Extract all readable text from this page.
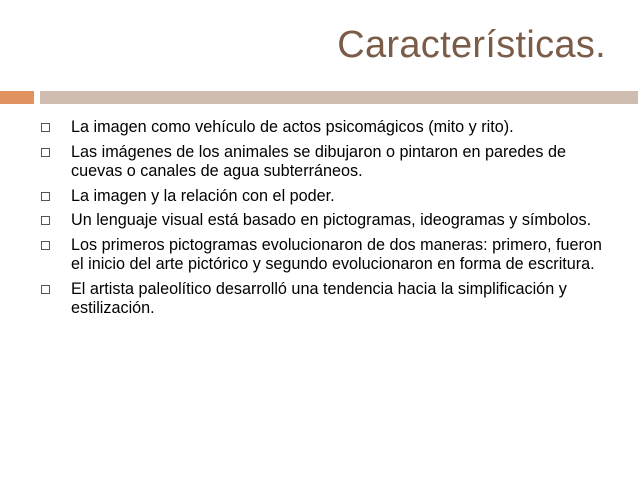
Características.
La imagen como vehículo de actos psicomágicos (mito y rito).
Las imágenes de los animales se dibujaron o pintaron en paredes de cuevas o canales de agua subterráneos.
La imagen y la relación con el poder.
Un lenguaje visual está basado en pictogramas, ideogramas y símbolos.
Los primeros pictogramas evolucionaron de dos maneras: primero, fueron el inicio del arte pictórico y segundo evolucionaron en forma de escritura.
El artista paleolítico desarrolló una tendencia hacia la simplificación y estilización.
